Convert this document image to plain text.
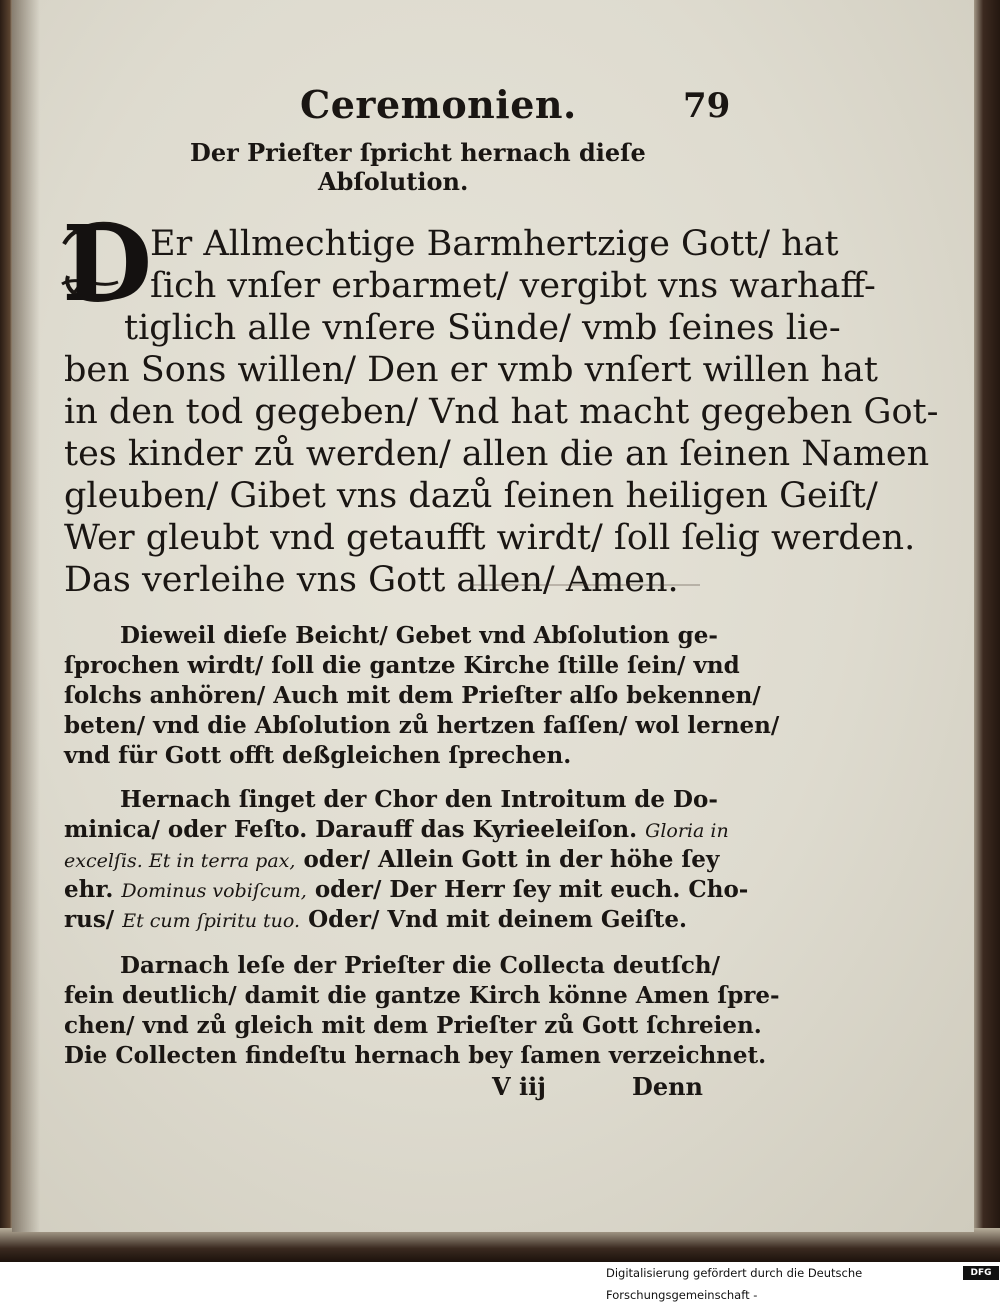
Ceremonien.	79
Der Prieſter ſpricht hernach dieſe
Abſolution.
D
Er Allmechtige Barmhertzige Gott/ hat
ſich vnſer erbarmet/ vergibt vns warhaff-
tiglich alle vnſere Sünde/ vmb ſeines lie-
ben Sons willen/ Den er vmb vnſert willen hat
in den tod gegeben/ Vnd hat macht gegeben Got-
tes kinder zů werden/ allen die an ſeinen Namen
gleuben/ Gibet vns dazů ſeinen heiligen Geiſt/
Wer gleubt vnd getaufft wirdt/ ſoll ſelig werden.
Das verleihe vns Gott allen/ Amen.
Dieweil dieſe Beicht/ Gebet vnd Abſolution ge-
ſprochen wirdt/ ſoll die gantze Kirche ſtille ſein/ vnd
ſolchs anhören/ Auch mit dem Prieſter alſo bekennen/
beten/ vnd die Abſolution zů hertzen faſſen/ wol lernen/
vnd für Gott offt deßgleichen ſprechen.
Hernach ſinget der Chor den Introitum de Do-
minica/ oder Feſto. Darauff das Kyrieeleiſon. Gloria in
excelſis. Et in terra pax, oder/ Allein Gott in der höhe ſey
ehr. Dominus vobiſcum, oder/ Der Herr ſey mit euch. Cho-
rus/ Et cum ſpiritu tuo. Oder/ Vnd mit deinem Geiſte.
Darnach leſe der Prieſter die Collecta deutſch/
fein deutlich/ damit die gantze Kirch könne Amen ſpre-
chen/ vnd zů gleich mit dem Prieſter zů Gott ſchreien.
Die Collecten findeſtu hernach bey ſamen verzeichnet.
V iij	Denn
Digitalisierung gefördert durch die Deutsche Forschungsgemeinschaft -
DFG
